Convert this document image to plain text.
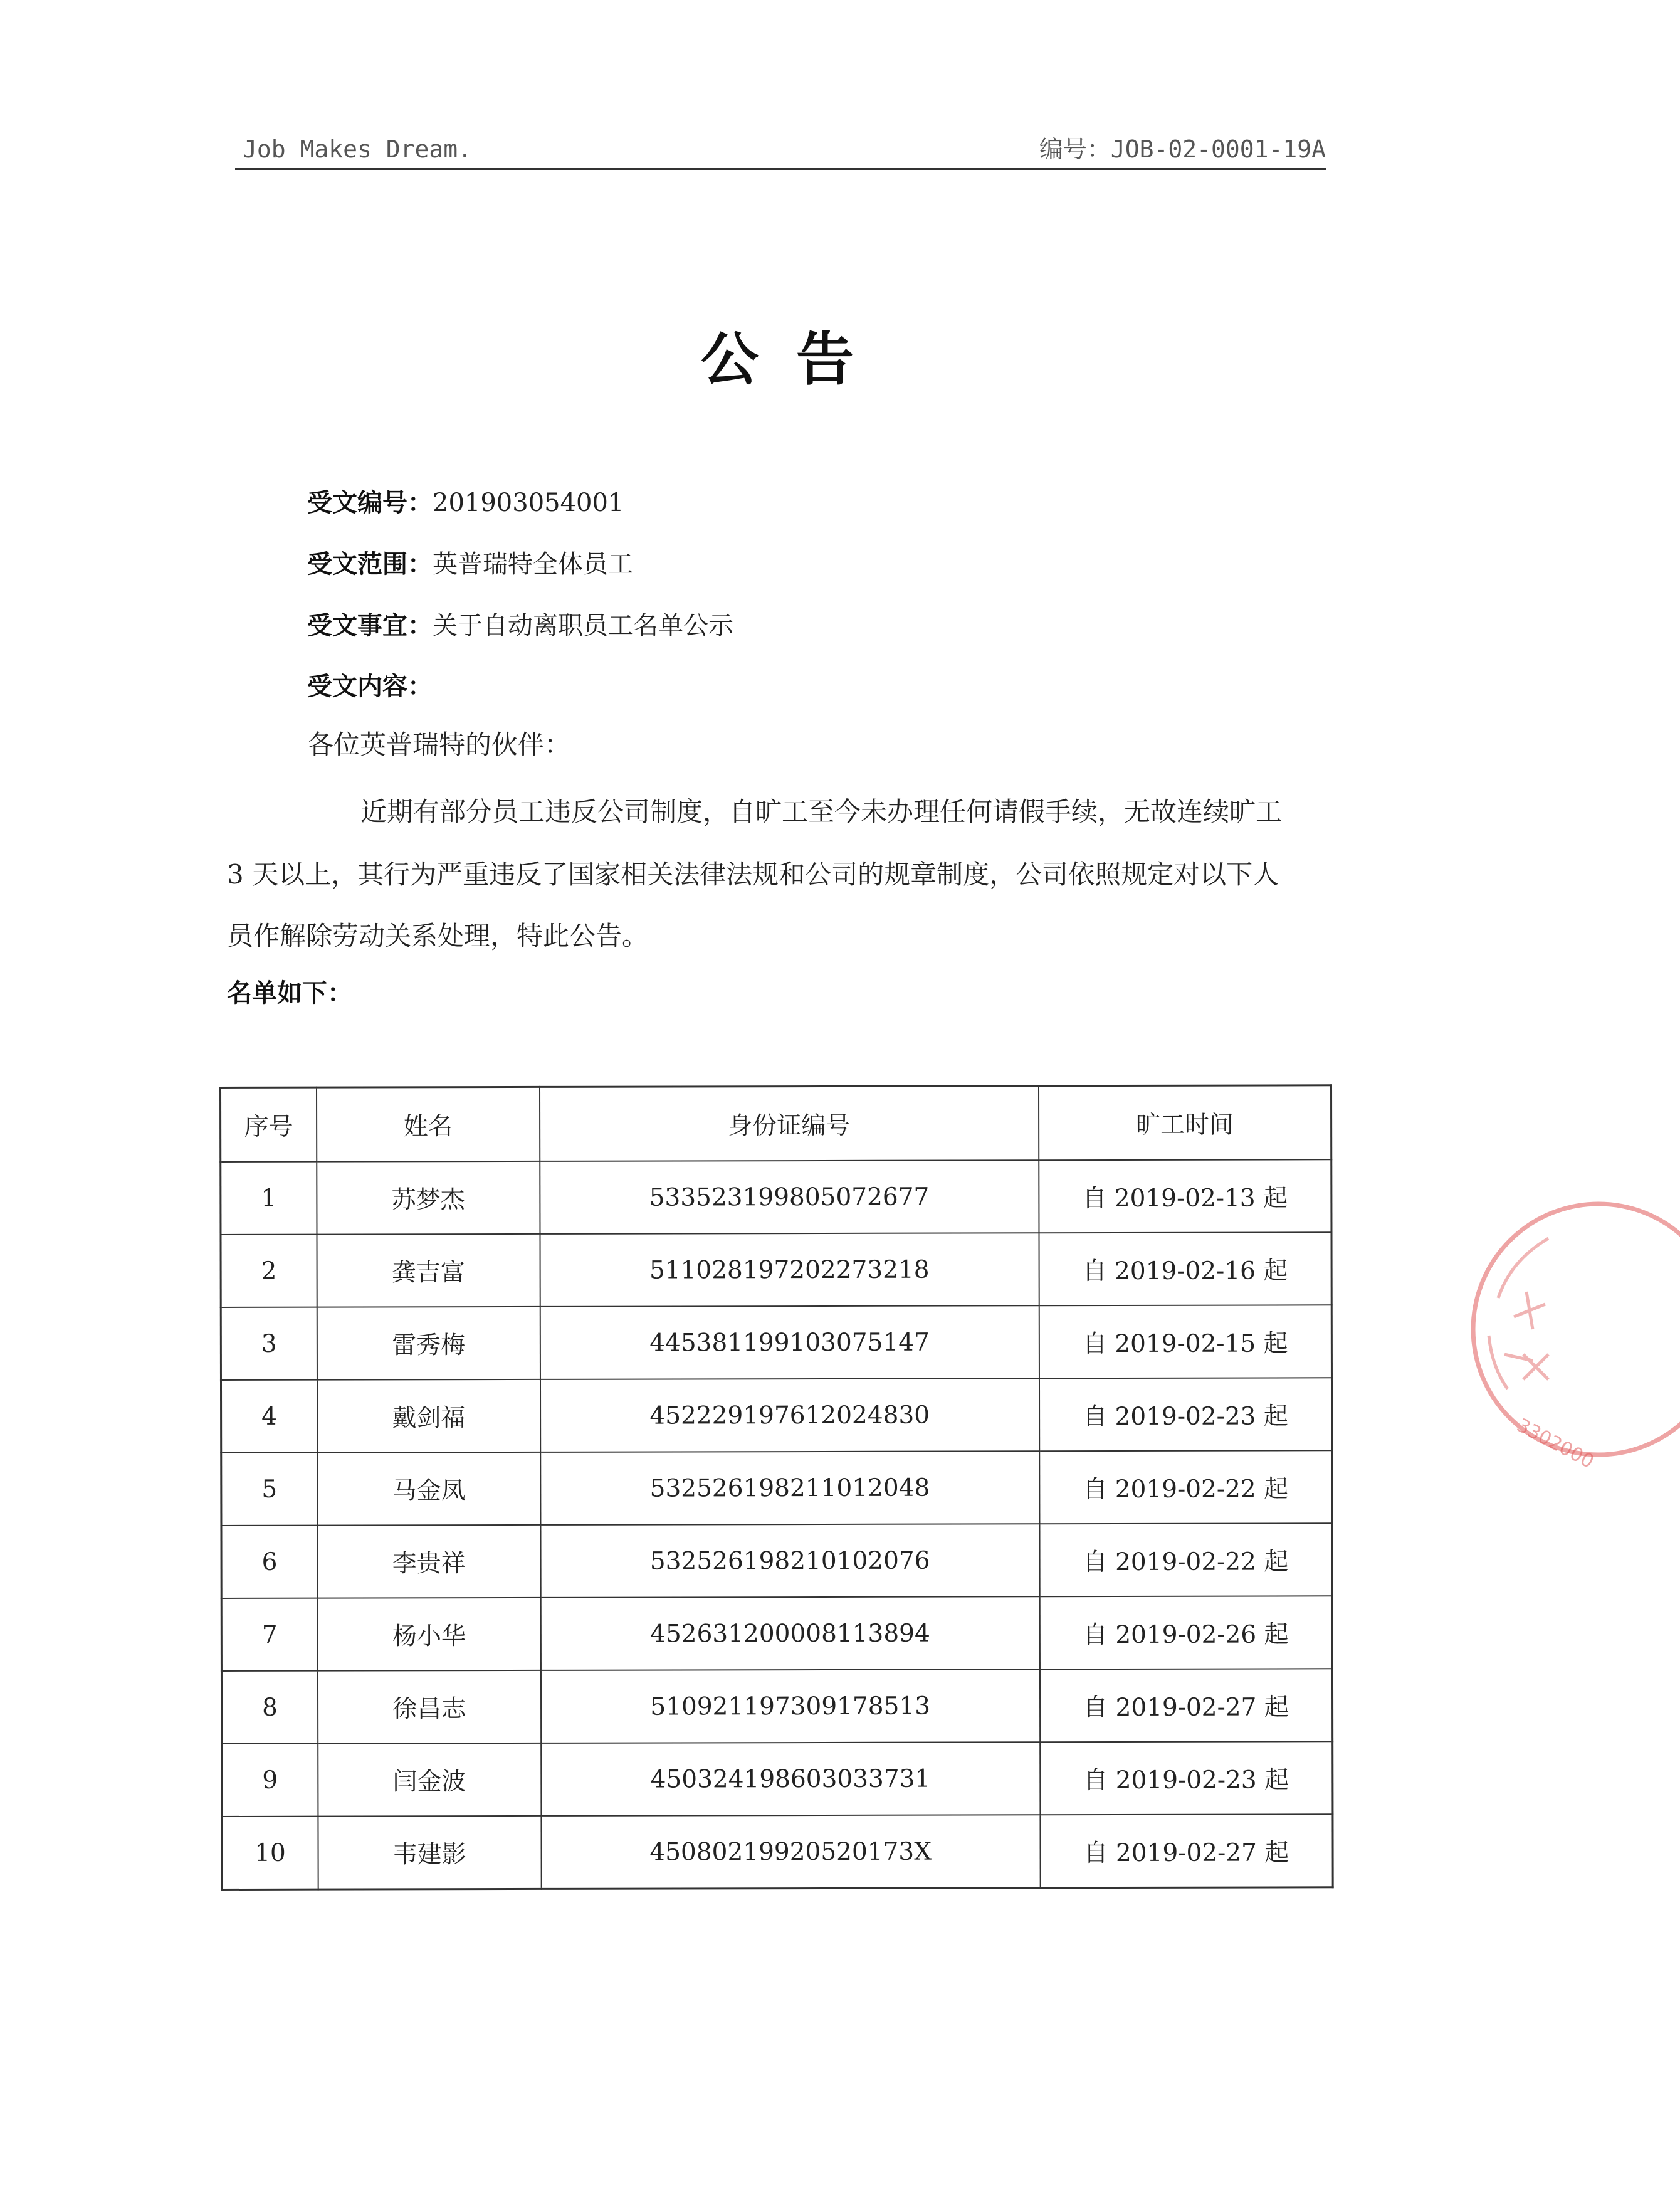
Job Makes Dream.	编号：JOB-02-0001-19A
公告
受文编号：201903054001
受文范围：英普瑞特全体员工
受文事宜：关于自动离职员工名单公示
受文内容：
各位英普瑞特的伙伴：
近期有部分员工违反公司制度，自旷工至今未办理任何请假手续，无故连续旷工
3 天以上，其行为严重违反了国家相关法律法规和公司的规章制度，公司依照规定对以下人
员作解除劳动关系处理，特此公告。
名单如下：
序号	姓名	身份证编号	旷工时间
1	苏梦杰	533523199805072677	自 2019-02-13 起
2	龚吉富	511028197202273218	自 2019-02-16 起
3	雷秀梅	445381199103075147	自 2019-02-15 起
4	戴剑福	452229197612024830	自 2019-02-23 起
5	马金凤	532526198211012048	自 2019-02-22 起
6	李贵祥	532526198210102076	自 2019-02-22 起
7	杨小华	452631200008113894	自 2019-02-26 起
8	徐昌志	510921197309178513	自 2019-02-27 起
9	闫金波	450324198603033731	自 2019-02-23 起
10	韦建影	45080219920520173X	自 2019-02-27 起
3302000
